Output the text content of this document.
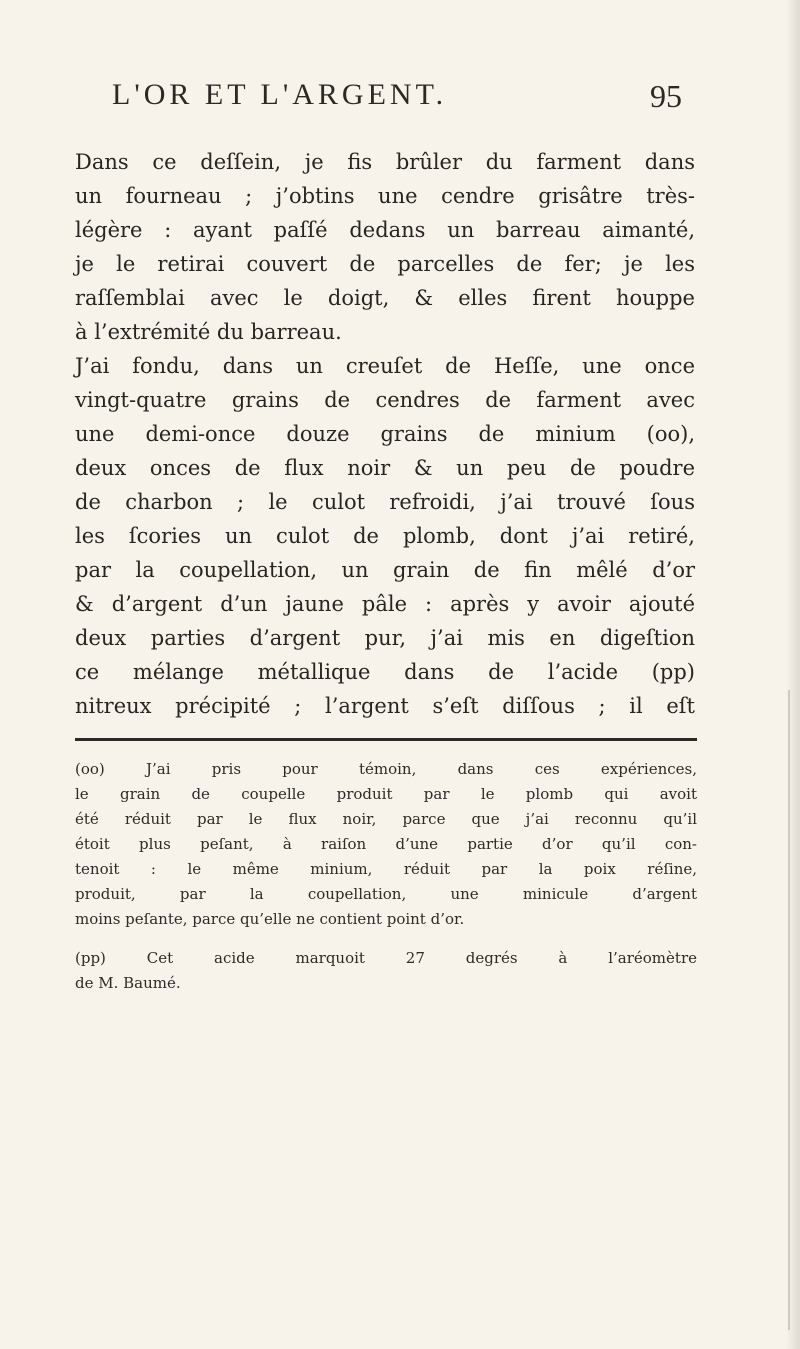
L'OR ET L'ARGENT.	95
Dans ce deſſein, je fis brûler du farment dans
un fourneau ; j’obtins une cendre grisâtre très-
légère : ayant paſſé dedans un barreau aimanté,
je le retirai couvert de parcelles de fer; je les
raſſemblai avec le doigt, & elles firent houppe
à l’extrémité du barreau.
J’ai fondu, dans un creuſet de Heſſe, une once
vingt-quatre grains de cendres de farment avec
une demi-once douze grains de minium (oo),
deux onces de flux noir & un peu de poudre
de charbon ; le culot refroidi, j’ai trouvé ſous
les ſcories un culot de plomb, dont j’ai retiré,
par la coupellation, un grain de fin mêlé d’or
& d’argent d’un jaune pâle : après y avoir ajouté
deux parties d’argent pur, j’ai mis en digeſtion
ce mélange métallique dans de l’acide (pp)
nitreux précipité ; l’argent s’eſt diſſous ; il eſt
(oo) J’ai pris pour témoin, dans ces expériences,
le grain de coupelle produit par le plomb qui avoit
été réduit par le flux noir, parce que j’ai reconnu qu’il
étoit plus peſant, à raiſon d’une partie d’or qu’il con-
tenoit : le même minium, réduit par la poix réſine,
produit, par la coupellation, une minicule d’argent
moins peſante, parce qu’elle ne contient point d’or.
(pp) Cet acide marquoit 27 degrés à l’aréomètre
de M. Baumé.
